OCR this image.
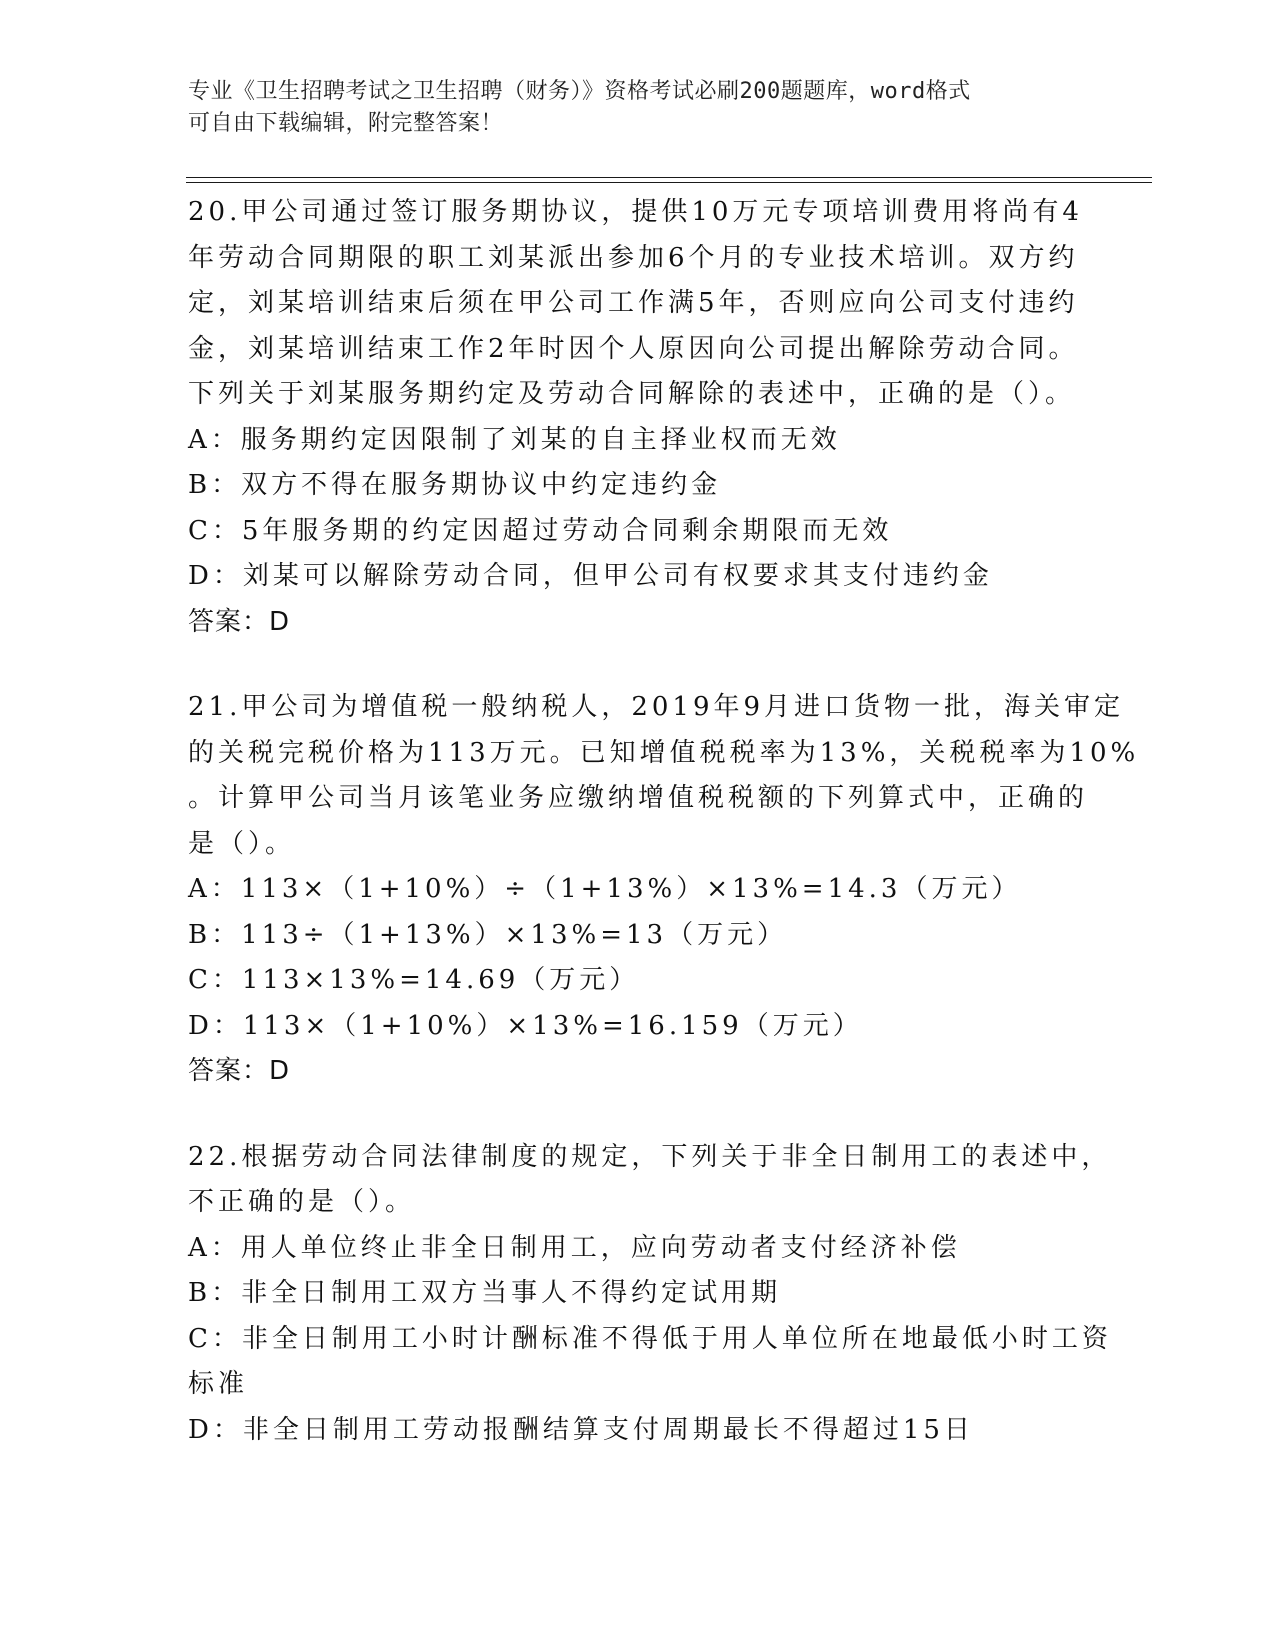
专业《卫生招聘考试之卫生招聘（财务）》资格考试必刷200题题库，word格式
可自由下载编辑，附完整答案！
20.甲公司通过签订服务期协议，提供10万元专项培训费用将尚有4
年劳动合同期限的职工刘某派出参加6个月的专业技术培训。双方约
定，刘某培训结束后须在甲公司工作满5年，否则应向公司支付违约
金，刘某培训结束工作2年时因个人原因向公司提出解除劳动合同。
下列关于刘某服务期约定及劳动合同解除的表述中，正确的是（）。
A：服务期约定因限制了刘某的自主择业权而无效
B：双方不得在服务期协议中约定违约金
C：5年服务期的约定因超过劳动合同剩余期限而无效
D：刘某可以解除劳动合同，但甲公司有权要求其支付违约金
答案：D
21.甲公司为增值税一般纳税人，2019年9月进口货物一批，海关审定
的关税完税价格为113万元。已知增值税税率为13%，关税税率为10%
。计算甲公司当月该笔业务应缴纳增值税税额的下列算式中，正确的
是（）。
A：113×（1+10%）÷（1+13%）×13%=14.3（万元）
B：113÷（1+13%）×13%=13（万元）
C：113×13%=14.69（万元）
D：113×（1+10%）×13%=16.159（万元）
答案：D
22.根据劳动合同法律制度的规定，下列关于非全日制用工的表述中，
不正确的是（）。
A：用人单位终止非全日制用工，应向劳动者支付经济补偿
B：非全日制用工双方当事人不得约定试用期
C：非全日制用工小时计酬标准不得低于用人单位所在地最低小时工资
标准
D：非全日制用工劳动报酬结算支付周期最长不得超过15日
